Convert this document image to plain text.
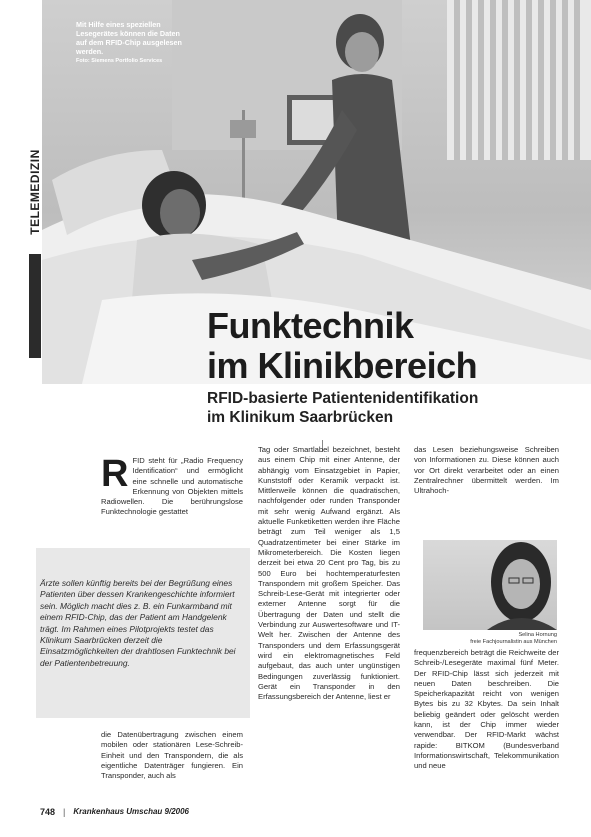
Mit Hilfe eines speziellen Lesegerätes können die Daten auf dem RFID-Chip ausgelesen werden.
Foto: Siemens Portfolio Services
TELEMEDIZIN
Funktechnik
im Klinikbereich
RFID-basierte Patientenidentifikation
im Klinikum Saarbrücken
R FID steht für „Radio Frequency Identification“ und ermöglicht eine schnelle und automatische Erkennung von Objekten mittels Radiowellen. Die berührungslose Funktechnologie gestattet

Ärzte sollen künftig bereits bei der Begrüßung eines Patienten über dessen Krankengeschichte informiert sein. Möglich macht dies z. B. ein Funkarmband mit einem RFID-Chip, das der Patient am Handgelenk trägt. Im Rahmen eines Pilotprojekts testet das Klinikum Saarbrücken derzeit die Einsatzmöglichkeiten der drahtlosen Funktechnik bei der Patientenbetreuung.

die Datenübertragung zwischen einem mobilen oder stationären Lese-Schreib-Einheit und den Transpondern, die als eigentliche Datenträger fungieren. Ein Transponder, auch als

Tag oder Smartlabel bezeichnet, besteht aus einem Chip mit einer Antenne, der abhängig vom Einsatzgebiet in Papier, Kunststoff oder Keramik verpackt ist. Mittlerweile können die quadratischen, nachfolgender oder runden Transponder mit sehr wenig Aufwand ergänzt. Als aktuelle Funketiketten werden ihre Fläche beträgt zum Teil weniger als 1,5 Quadratzentimeter bei einer Stärke im Mikrometerbereich. Die Kosten liegen derzeit bei etwa 20 Cent pro Tag, bis zu 500 Euro bei hochtemperaturfesten Transpondern mit großem Speicher. Das Schreib-Lese-Gerät mit integrierter oder externer Antenne sorgt für die Übertragung der Daten und stellt die Verbindung zur Auswertesoftware und IT-Welt her. Zwischen der Antenne des Transponders und dem Erfassungsgerät wird ein elektromagnetisches Feld aufgebaut, das auch unter ungünstigen Bedingungen zuverlässig funktioniert. Gerät ein Transponder in den Erfassungsbereich der Antenne, liest er

das Lesen beziehungsweise Schreiben von Informationen zu. Diese können auch vor Ort direkt verarbeitet oder an einen Zentralrechner übermittelt werden. Im Ultrahoch-

Selina Hornung
freie Fachjournalistin aus München

frequenzbereich beträgt die Reichweite der Schreib-/Lesegeräte maximal fünf Meter. Der RFID-Chip lässt sich jederzeit mit neuen Daten beschreiben. Die Speicherkapazität reicht von wenigen Bytes bis zu 32 Kbytes. Da sein Inhalt beliebig geändert oder gelöscht werden kann, ist der Chip immer wieder verwendbar. Der RFID-Markt wächst rapide: BITKOM (Bundesverband Informationswirtschaft, Telekommunikation und neue

748 | Krankenhaus Umschau 9/2006
